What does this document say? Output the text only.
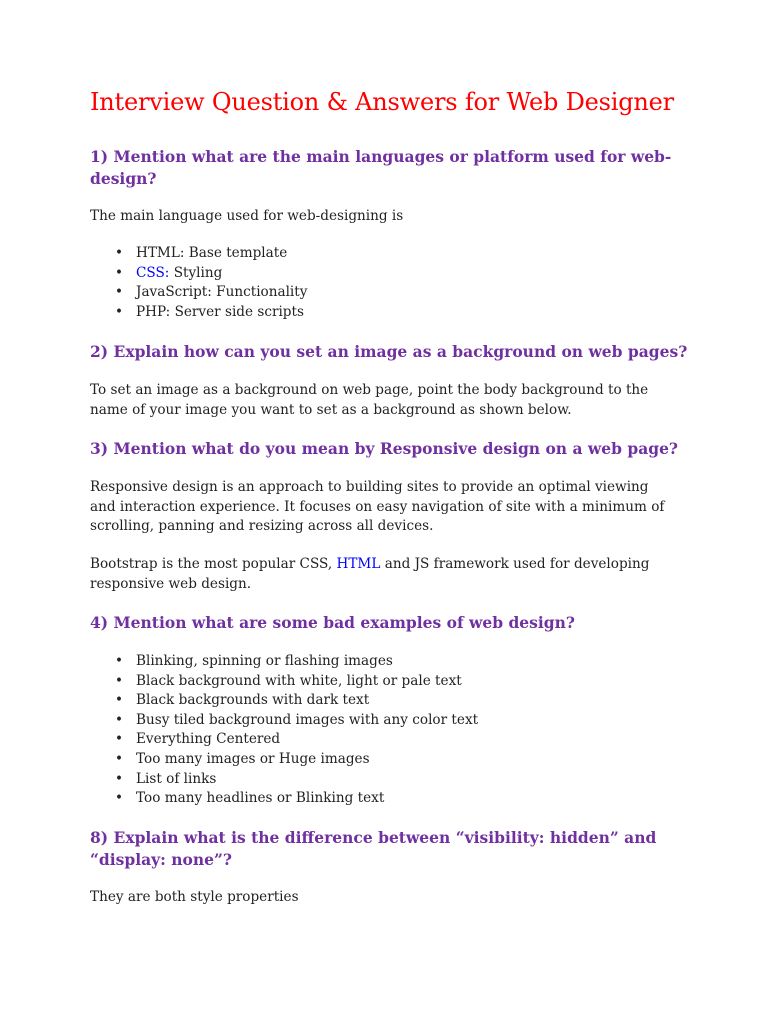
Interview Question & Answers for Web Designer
1) Mention what are the main languages or platform used for web-
design?

The main language used for web-designing is

• HTML: Base template
• CSS: Styling
• JavaScript: Functionality
• PHP: Server side scripts
2) Explain how can you set an image as a background on web pages?

To set an image as a background on web page, point the body background to the
name of your image you want to set as a background as shown below.

3) Mention what do you mean by Responsive design on a web page?

Responsive design is an approach to building sites to provide an optimal viewing
and interaction experience. It focuses on easy navigation of site with a minimum of
scrolling, panning and resizing across all devices.

Bootstrap is the most popular CSS, HTML and JS framework used for developing
responsive web design.

4) Mention what are some bad examples of web design?
• Blinking, spinning or flashing images
• Black background with white, light or pale text
• Black backgrounds with dark text
• Busy tiled background images with any color text
• Everything Centered
• Too many images or Huge images
• List of links
• Too many headlines or Blinking text
8) Explain what is the difference between “visibility: hidden” and
“display: none”?

They are both style properties
